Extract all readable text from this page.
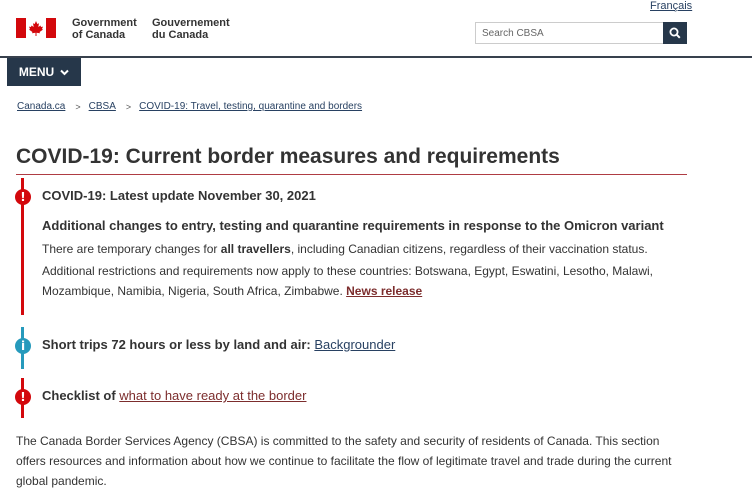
Français
Government
of Canada
Gouvernement
du Canada
Search CBSA
MENU
Canada.ca > CBSA > COVID-19: Travel, testing, quarantine and borders
COVID-19: Current border measures and requirements
!	COVID-19: Latest update November 30, 2021
Additional changes to entry, testing and quarantine requirements in response to the Omicron variant
There are temporary changes for all travellers, including Canadian citizens, regardless of their vaccination status.
Additional restrictions and requirements now apply to these countries: Botswana, Egypt, Eswatini, Lesotho, Malawi,
Mozambique, Namibia, Nigeria, South Africa, Zimbabwe. News release
i	Short trips 72 hours or less by land and air: Backgrounder
!	Checklist of what to have ready at the border

The Canada Border Services Agency (CBSA) is committed to the safety and security of residents of Canada. This section offers resources and information about how we continue to facilitate the flow of legitimate travel and trade during the current global pandemic.
